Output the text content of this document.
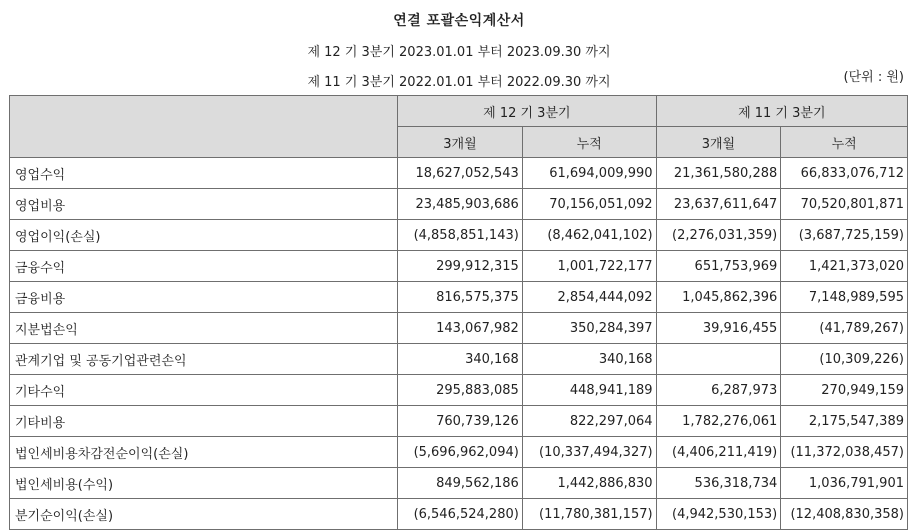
연결 포괄손익계산서
제 12 기 3분기 2023.01.01 부터 2023.09.30 까지
제 11 기 3분기 2022.01.01 부터 2022.09.30 까지	(단위 : 원)
	제 12 기 3분기		제 11 기 3분기	
	3개월	누적	3개월	누적
영업수익	18,627,052,543	61,694,009,990	21,361,580,288	66,833,076,712
영업비용	23,485,903,686	70,156,051,092	23,637,611,647	70,520,801,871
영업이익(손실)	(4,858,851,143)	(8,462,041,102)	(2,276,031,359)	(3,687,725,159)
금융수익	299,912,315	1,001,722,177	651,753,969	1,421,373,020
금융비용	816,575,375	2,854,444,092	1,045,862,396	7,148,989,595
지분법손익	143,067,982	350,284,397	39,916,455	(41,789,267)
관계기업 및 공동기업관련손익	340,168	340,168		(10,309,226)
기타수익	295,883,085	448,941,189	6,287,973	270,949,159
기타비용	760,739,126	822,297,064	1,782,276,061	2,175,547,389
법인세비용차감전순이익(손실)	(5,696,962,094)	(10,337,494,327)	(4,406,211,419)	(11,372,038,457)
법인세비용(수익)	849,562,186	1,442,886,830	536,318,734	1,036,791,901
분기순이익(손실)	(6,546,524,280)	(11,780,381,157)	(4,942,530,153)	(12,408,830,358)
